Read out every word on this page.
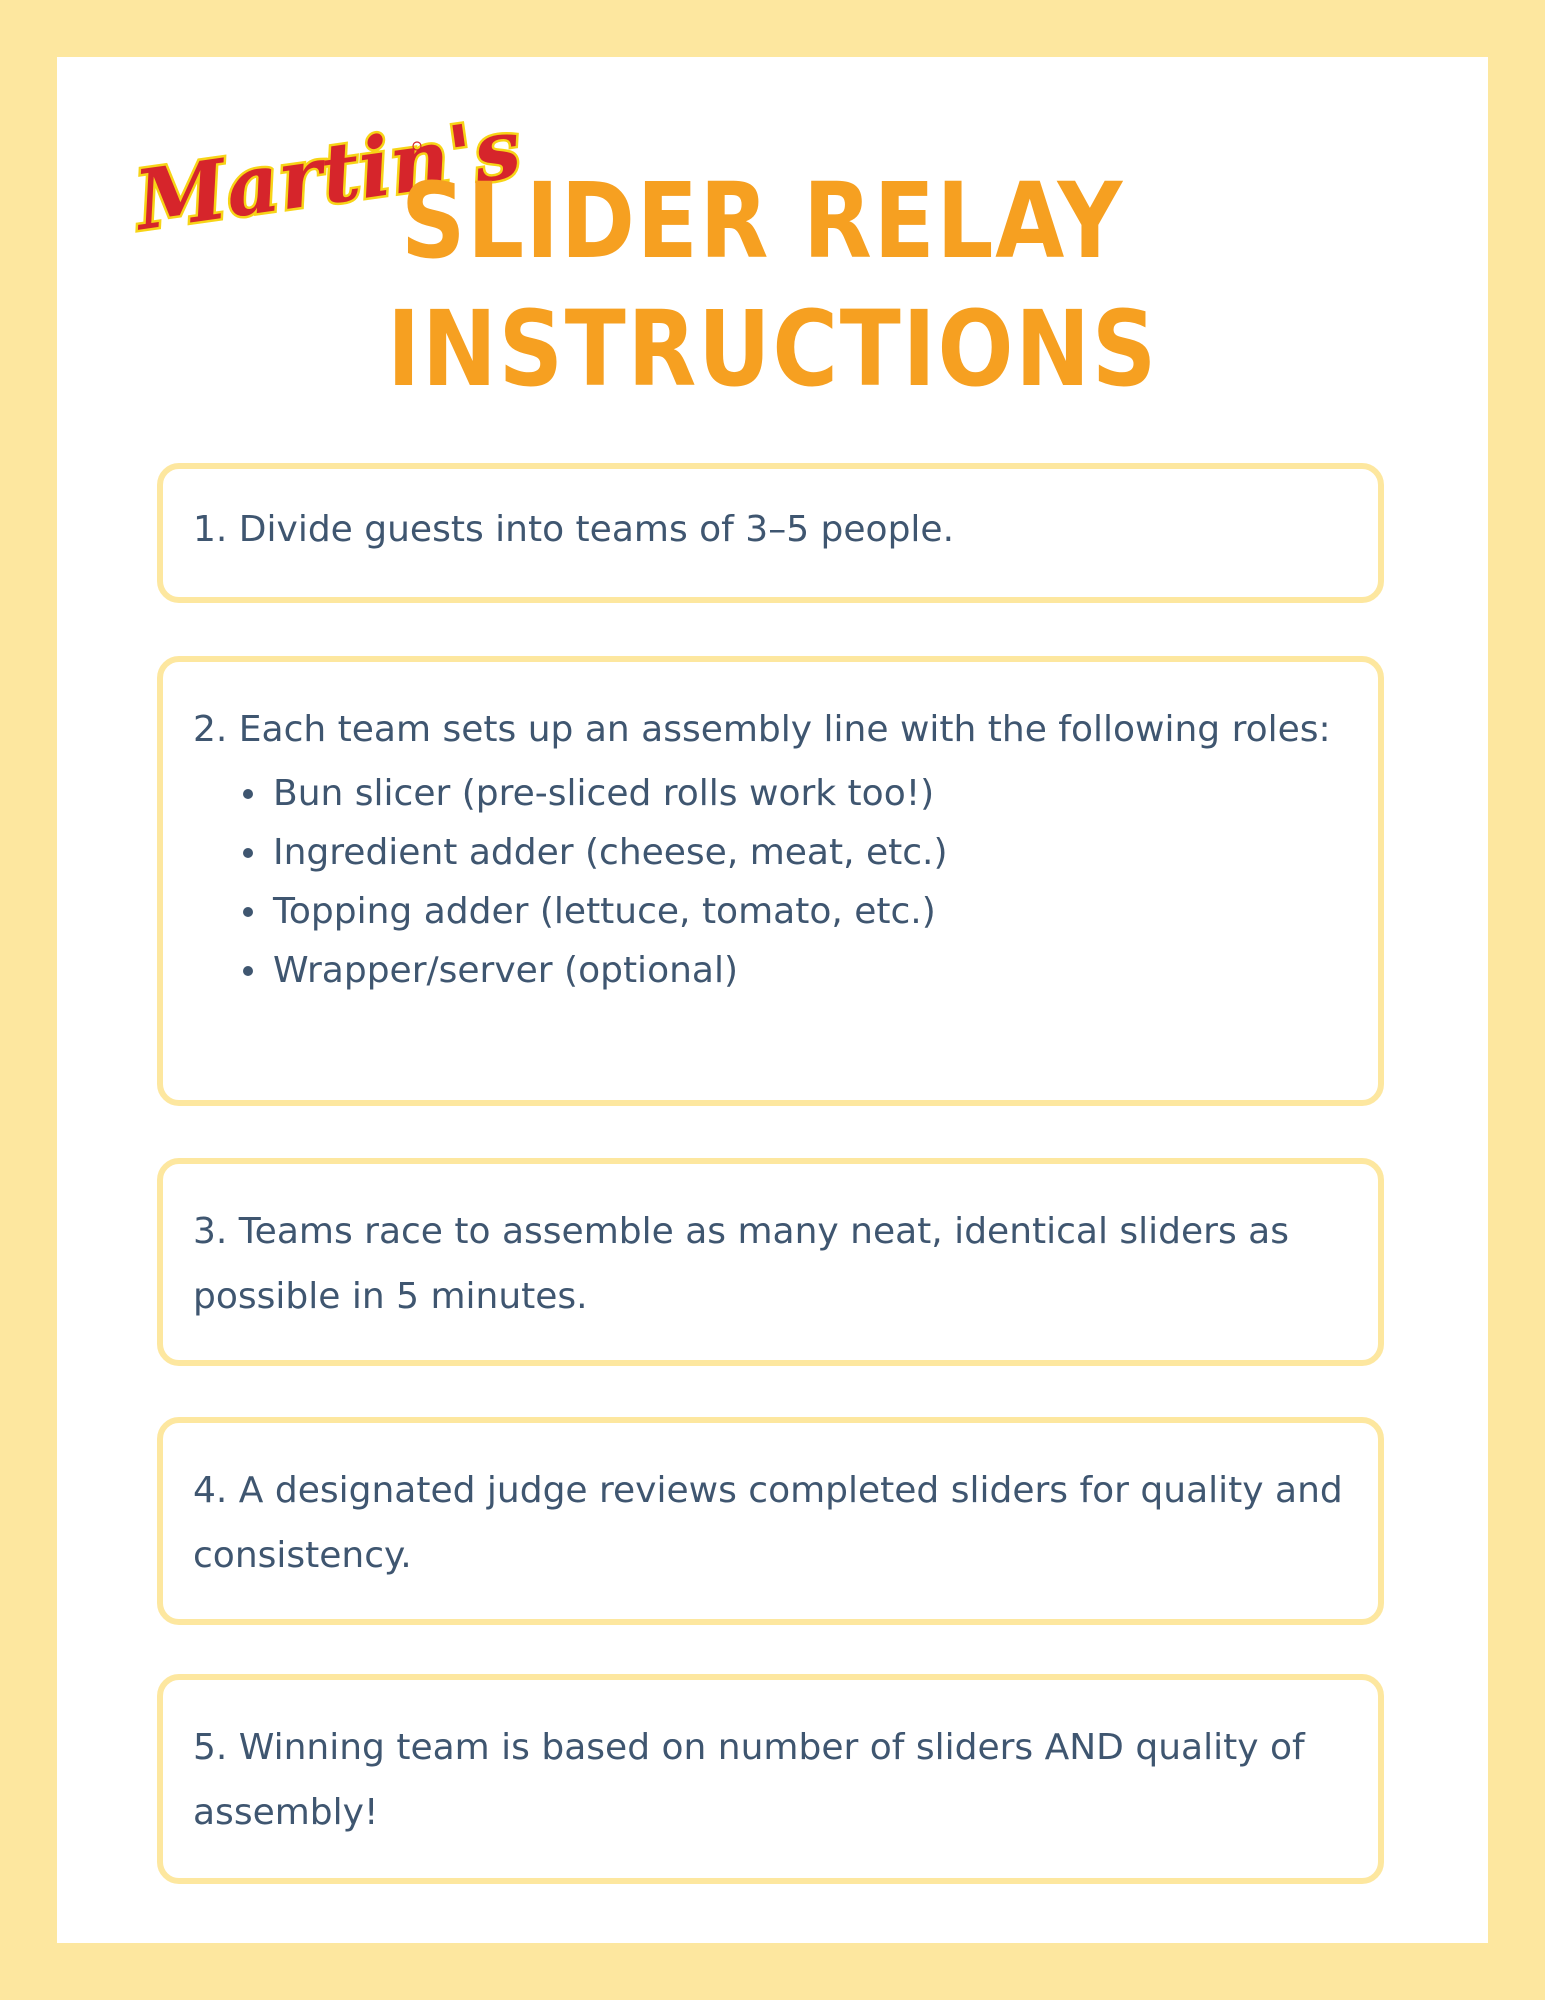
Martin's
SLIDER RELAY
INSTRUCTIONS

1. Divide guests into teams of 3–5 people.

2. Each team sets up an assembly line with the following roles:

Bun slicer (pre-sliced rolls work too!)
Ingredient adder (cheese, meat, etc.)
Topping adder (lettuce, tomato, etc.)
Wrapper/server (optional)

3. Teams race to assemble as many neat, identical sliders as possible in 5 minutes.

4. A designated judge reviews completed sliders for quality and consistency.

5. Winning team is based on number of sliders AND quality of assembly!
